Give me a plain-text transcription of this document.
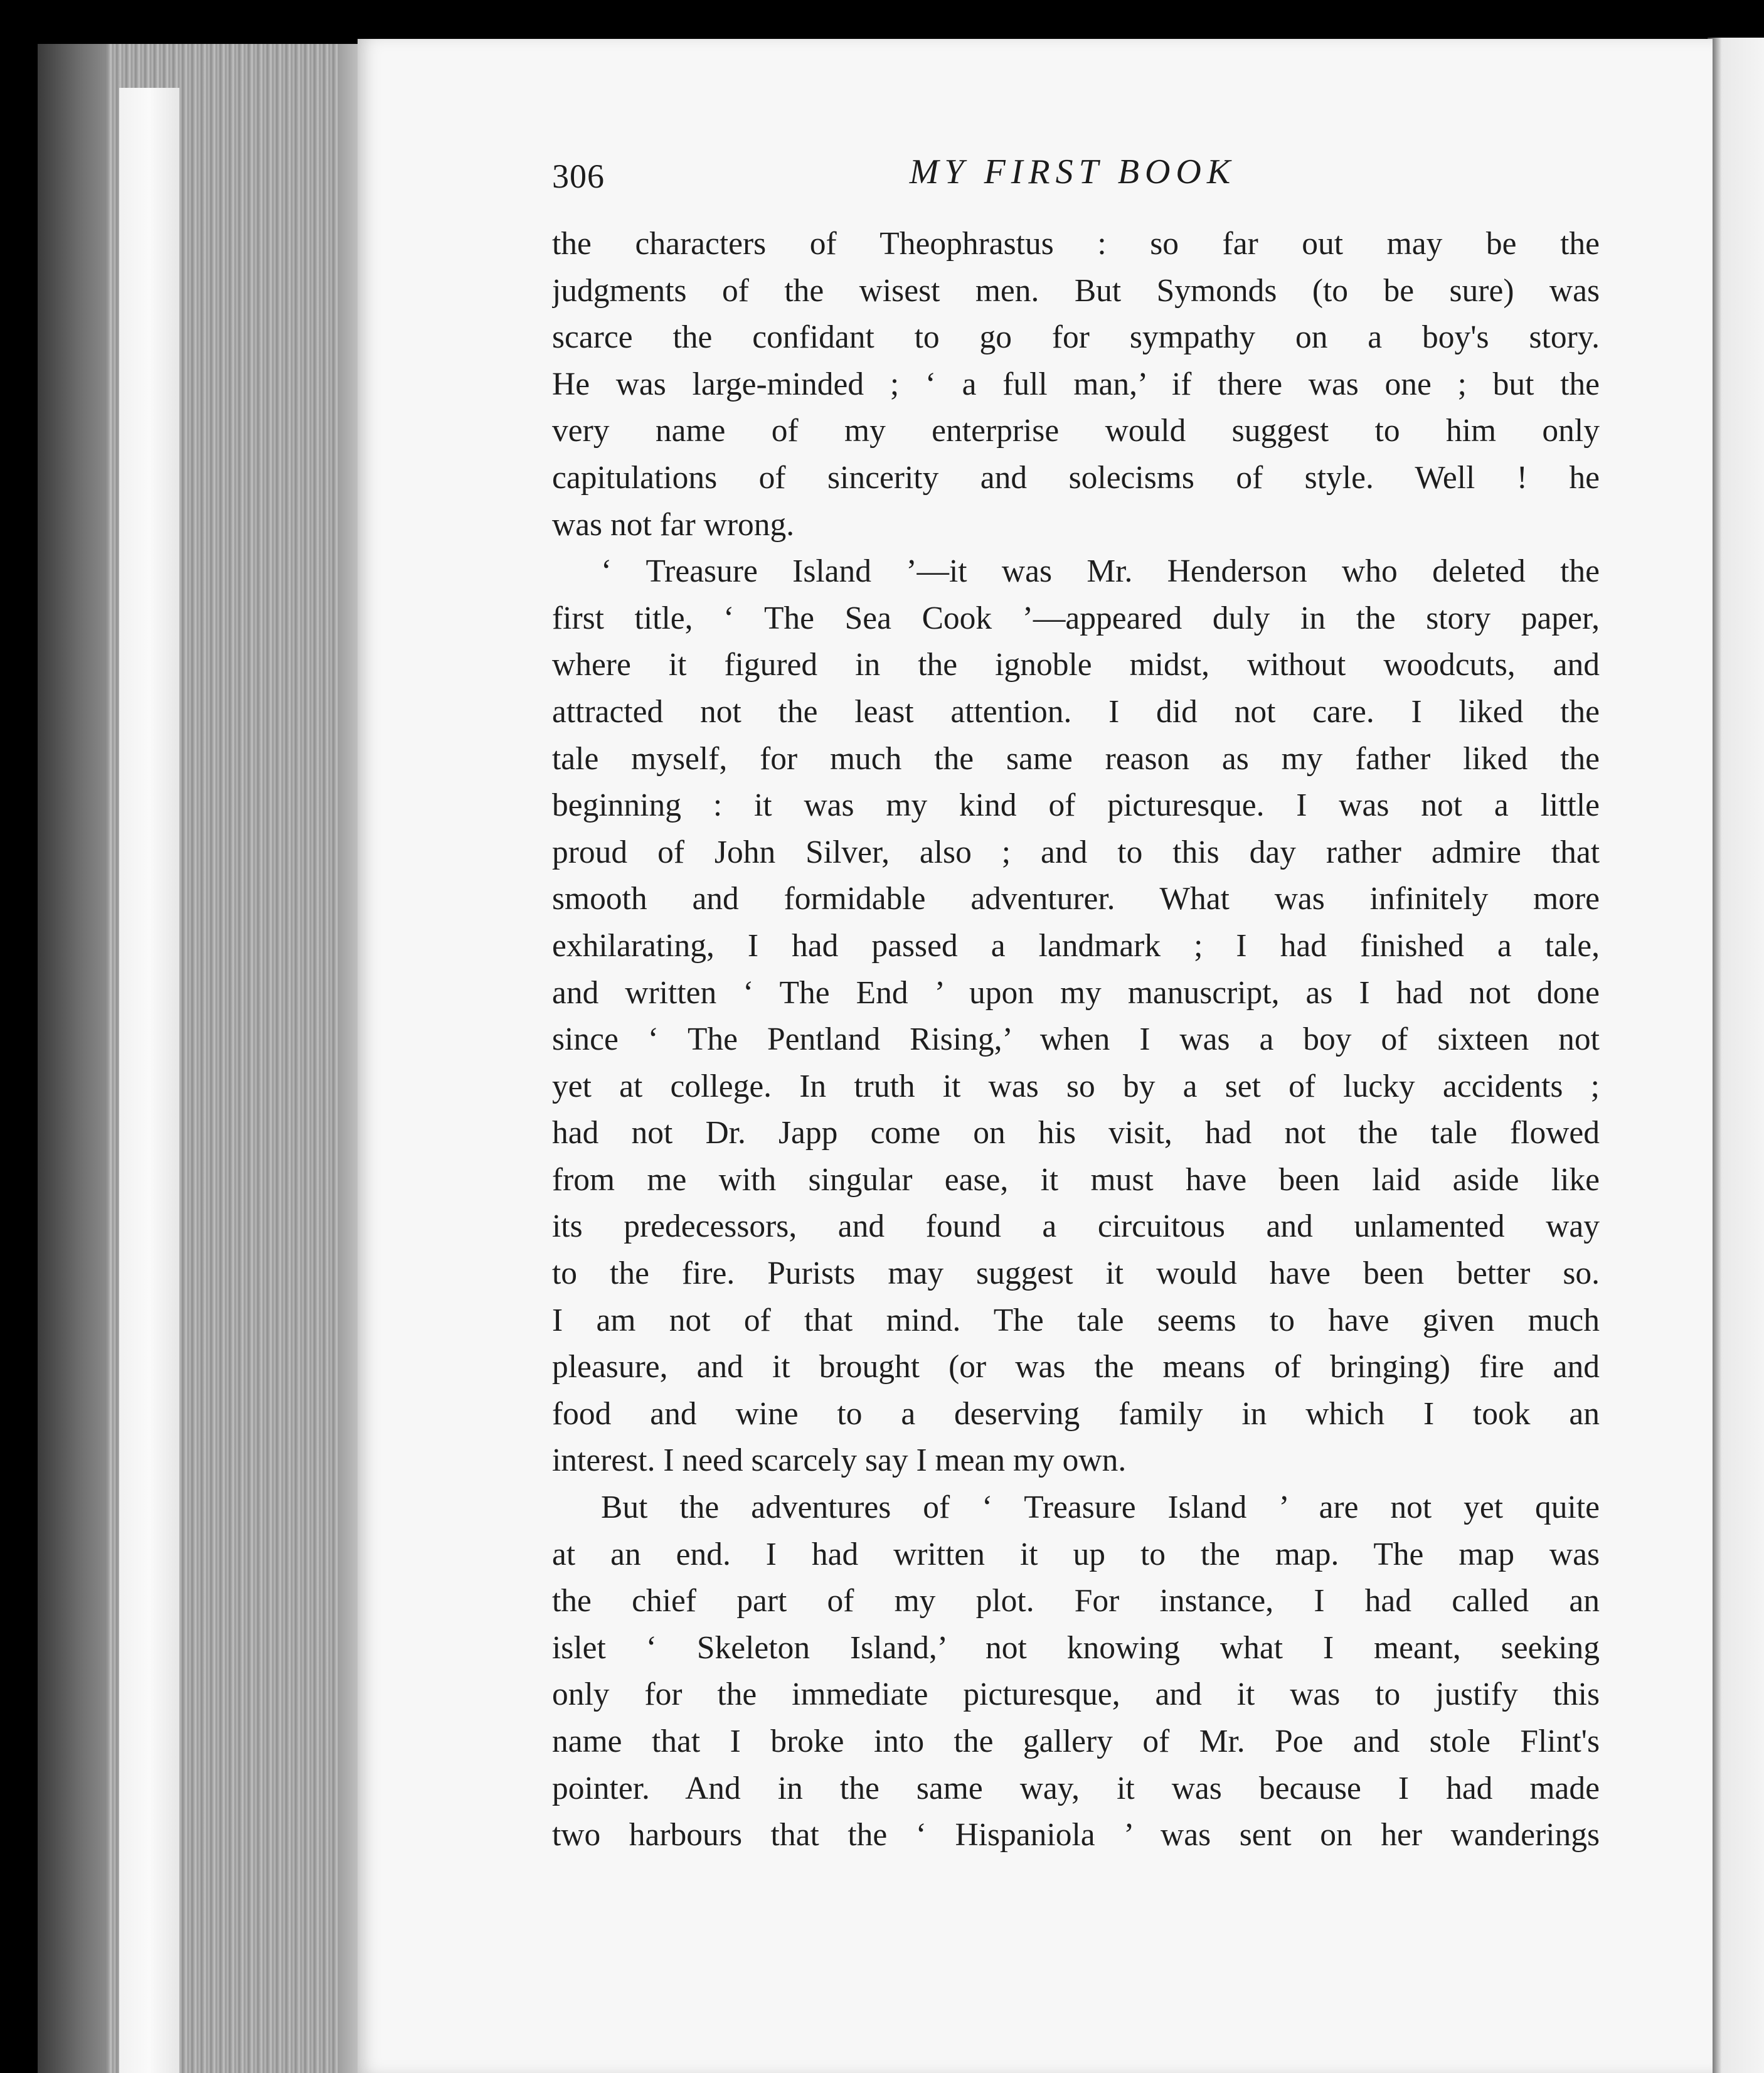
306	MY FIRST BOOK
the characters of Theophrastus : so far out may be the
judgments of the wisest men. But Symonds (to be sure) was
scarce the confidant to go for sympathy on a boy's story.
He was large-minded ; ‘ a full man,’ if there was one ; but the
very name of my enterprise would suggest to him only
capitulations of sincerity and solecisms of style. Well ! he
was not far wrong.
‘ Treasure Island ’—it was Mr. Henderson who deleted the
first title, ‘ The Sea Cook ’—appeared duly in the story paper,
where it figured in the ignoble midst, without woodcuts, and
attracted not the least attention. I did not care. I liked the
tale myself, for much the same reason as my father liked the
beginning : it was my kind of picturesque. I was not a little
proud of John Silver, also ; and to this day rather admire that
smooth and formidable adventurer. What was infinitely more
exhilarating, I had passed a landmark ; I had finished a tale,
and written ‘ The End ’ upon my manuscript, as I had not done
since ‘ The Pentland Rising,’ when I was a boy of sixteen not
yet at college. In truth it was so by a set of lucky accidents ;
had not Dr. Japp come on his visit, had not the tale flowed
from me with singular ease, it must have been laid aside like
its predecessors, and found a circuitous and unlamented way
to the fire. Purists may suggest it would have been better so.
I am not of that mind. The tale seems to have given much
pleasure, and it brought (or was the means of bringing) fire and
food and wine to a deserving family in which I took an
interest. I need scarcely say I mean my own.
But the adventures of ‘ Treasure Island ’ are not yet quite
at an end. I had written it up to the map. The map was
the chief part of my plot. For instance, I had called an
islet ‘ Skeleton Island,’ not knowing what I meant, seeking
only for the immediate picturesque, and it was to justify this
name that I broke into the gallery of Mr. Poe and stole Flint's
pointer. And in the same way, it was because I had made
two harbours that the ‘ Hispaniola ’ was sent on her wanderings
